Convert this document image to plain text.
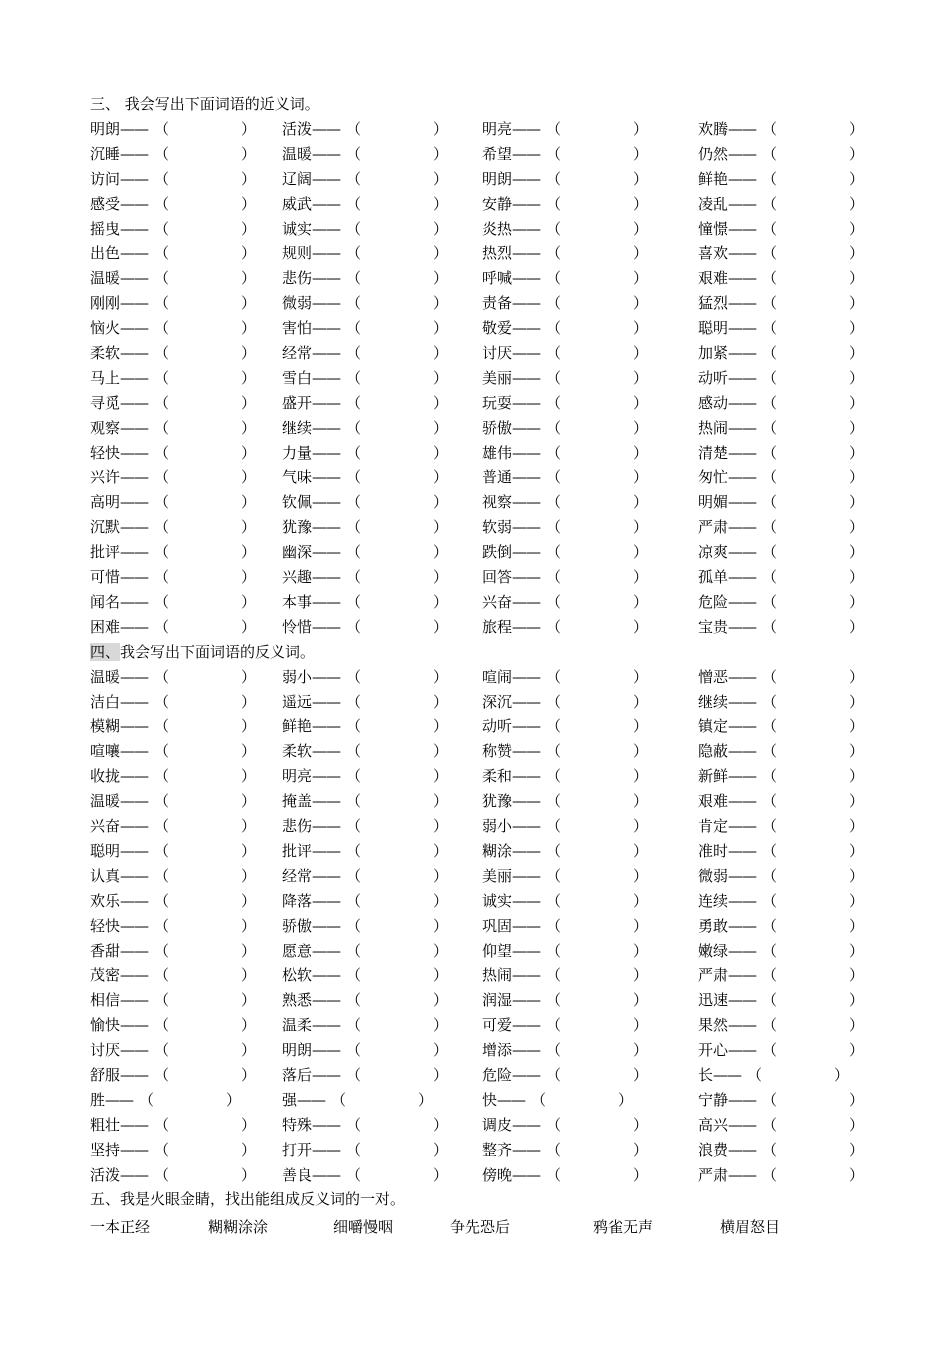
三、 我会写出下面词语的近义词。
明朗—— （	） 活泼—— （	） 明亮—— （	）	欢腾—— （	）
沉睡—— （	） 温暖—— （	） 希望—— （	）	仍然—— （	）
访问—— （	） 辽阔—— （	） 明朗—— （	）	鲜艳—— （	）
感受—— （	） 威武—— （	） 安静—— （	）	凌乱—— （	）
摇曳—— （	） 诚实—— （	） 炎热—— （	）	憧憬—— （	）
出色—— （	） 规则—— （	） 热烈—— （	）	喜欢—— （	）
温暖—— （	） 悲伤—— （	） 呼喊—— （	）	艰难—— （	）
刚刚—— （	） 微弱—— （	） 责备—— （	）	猛烈—— （	）
恼火—— （	） 害怕—— （	） 敬爱—— （	）	聪明—— （	）
柔软—— （	） 经常—— （	） 讨厌—— （	）	加紧—— （	）
马上—— （	） 雪白—— （	） 美丽—— （	）	动听—— （	）
寻觅—— （	） 盛开—— （	） 玩耍—— （	）	感动—— （	）
观察—— （	） 继续—— （	） 骄傲—— （	）	热闹—— （	）
轻快—— （	） 力量—— （	） 雄伟—— （	）	清楚—— （	）
兴许—— （	） 气味—— （	） 普通—— （	）	匆忙—— （	）
高明—— （	） 钦佩—— （	） 视察—— （	）	明媚—— （	）
沉默—— （	） 犹豫—— （	） 软弱—— （	）	严肃—— （	）
批评—— （	） 幽深—— （	） 跌倒—— （	）	凉爽—— （	）
可惜—— （	） 兴趣—— （	） 回答—— （	）	孤单—— （	）
闻名—— （	） 本事—— （	） 兴奋—— （	）	危险—— （	）
困难—— （	） 怜惜—— （	） 旅程—— （	）	宝贵—— （	）
四、我会写出下面词语的反义词。
温暖—— （	） 弱小—— （	） 喧闹—— （	）	憎恶—— （	）
洁白—— （	） 遥远—— （	） 深沉—— （	）	继续—— （	）
模糊—— （	） 鲜艳—— （	） 动听—— （	）	镇定—— （	）
喧嚷—— （	） 柔软—— （	） 称赞—— （	）	隐蔽—— （	）
收拢—— （	） 明亮—— （	） 柔和—— （	）	新鲜—— （	）
温暖—— （	） 掩盖—— （	） 犹豫—— （	）	艰难—— （	）
兴奋—— （	） 悲伤—— （	） 弱小—— （	）	肯定—— （	）
聪明—— （	） 批评—— （	） 糊涂—— （	）	准时—— （	）
认真—— （	） 经常—— （	） 美丽—— （	）	微弱—— （	）
欢乐—— （	） 降落—— （	） 诚实—— （	）	连续—— （	）
轻快—— （	） 骄傲—— （	） 巩固—— （	）	勇敢—— （	）
香甜—— （	） 愿意—— （	） 仰望—— （	）	嫩绿—— （	）
茂密—— （	） 松软—— （	） 热闹—— （	）	严肃—— （	）
相信—— （	） 熟悉—— （	） 润湿—— （	）	迅速—— （	）
愉快—— （	） 温柔—— （	） 可爱—— （	）	果然—— （	）
讨厌—— （	） 明朗—— （	） 增添—— （	）	开心—— （	）
舒服—— （	） 落后—— （	） 危险—— （	）	长—— （	）
胜—— （	）	强—— （	）	快—— （	）	宁静—— （	）
粗壮—— （	） 特殊—— （	） 调皮—— （	）	高兴—— （	）
坚持—— （	） 打开—— （	） 整齐—— （	）	浪费—— （	）
活泼—— （	） 善良—— （	） 傍晚—— （	）	严肃—— （	）
五、我是火眼金睛，找出能组成反义词的一对。
一本正经	糊糊涂涂	细嚼慢咽	争先恐后	鸦雀无声	横眉怒目
